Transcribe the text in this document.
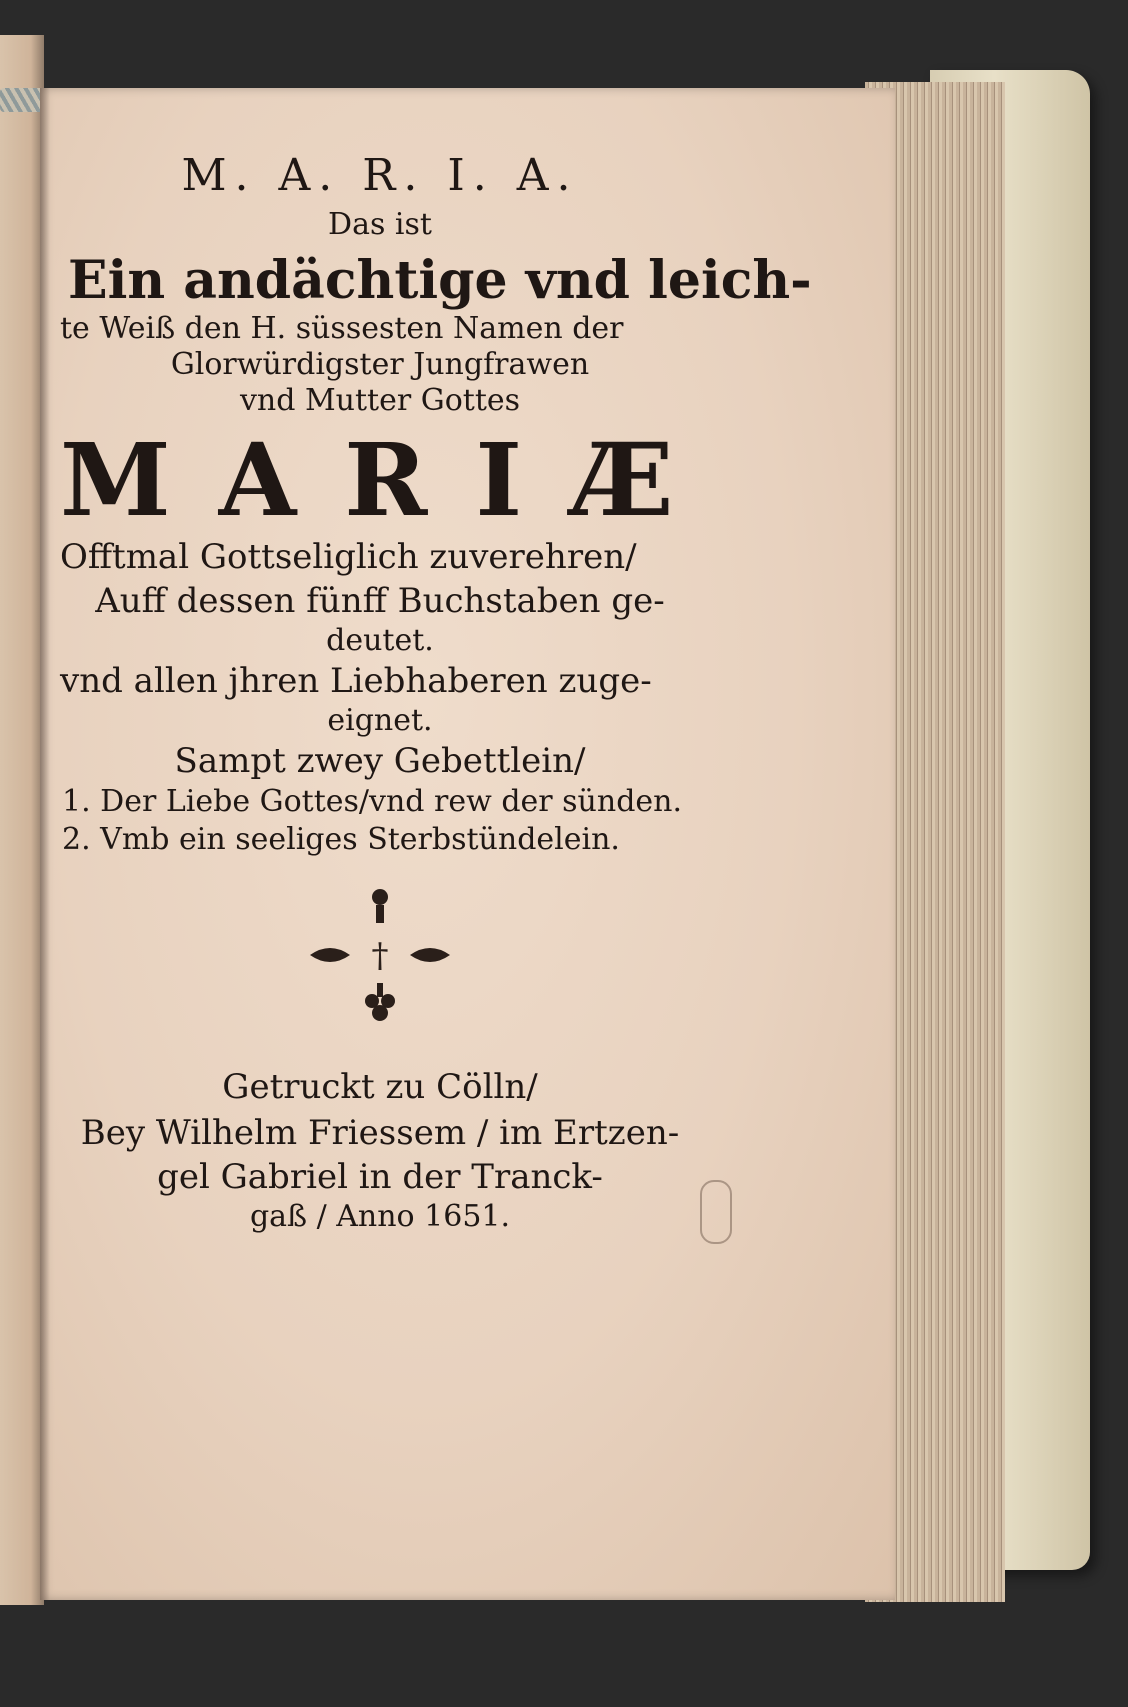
M. A. R. I. A.
Das ist
Ein andächtige vnd leich-
te Weiß den H. süssesten Namen der
Glorwürdigster Jungfrawen
vnd Mutter Gottes
MARIÆ
Offtmal Gottseliglich zuverehren/
Auff dessen fünff Buchstaben ge-
deutet.
vnd allen jhren Liebhaberen zuge-
eignet.
Sampt zwey Gebettlein/
1. Der Liebe Gottes/vnd rew der sünden.
2. Vmb ein seeliges Sterbstündelein.
†
Getruckt zu Cölln/
Bey Wilhelm Friessem / im Ertzen-
gel Gabriel in der Tranck-
gaß / Anno 1651.
